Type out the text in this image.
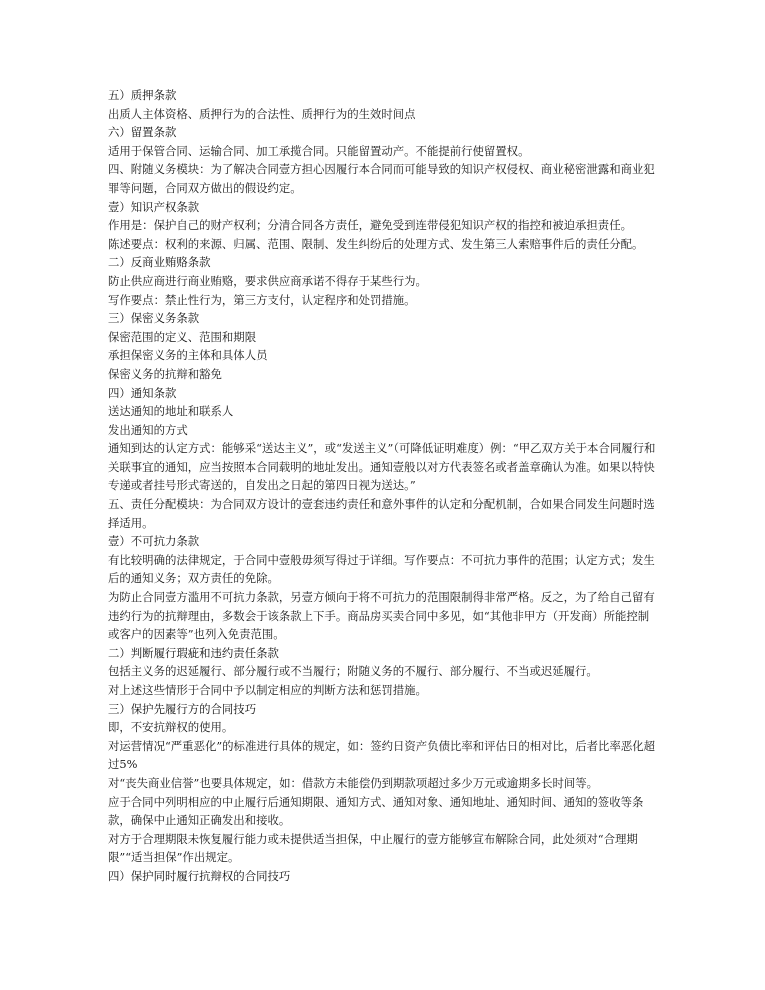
五）质押条款

出质人主体资格、质押行为的合法性、质押行为的生效时间点

六）留置条款

适用于保管合同、运输合同、加工承揽合同。只能留置动产。不能提前行使留置权。

四、附随义务模块：为了解决合同壹方担心因履行本合同而可能导致的知识产权侵权、商业秘密泄露和商业犯罪等问题，合同双方做出的假设约定。

壹）知识产权条款

作用是：保护自己的财产权利；分清合同各方责任，避免受到连带侵犯知识产权的指控和被迫承担责任。

陈述要点：权利的来源、归属、范围、限制、发生纠纷后的处理方式、发生第三人索赔事件后的责任分配。

二）反商业贿赂条款

防止供应商进行商业贿赂，要求供应商承诺不得存于某些行为。

写作要点：禁止性行为，第三方支付，认定程序和处罚措施。

三）保密义务条款

保密范围的定义、范围和期限

承担保密义务的主体和具体人员

保密义务的抗辩和豁免

四）通知条款

送达通知的地址和联系人

发出通知的方式

通知到达的认定方式：能够采“送达主义”，或“发送主义”（可降低证明难度）例：“甲乙双方关于本合同履行和关联事宜的通知，应当按照本合同载明的地址发出。通知壹般以对方代表签名或者盖章确认为准。如果以特快专递或者挂号形式寄送的，自发出之日起的第四日视为送达。”

五、责任分配模块：为合同双方设计的壹套违约责任和意外事件的认定和分配机制，合如果合同发生问题时选择适用。

壹）不可抗力条款

有比较明确的法律规定，于合同中壹般毋须写得过于详细。写作要点：不可抗力事件的范围；认定方式；发生后的通知义务；双方责任的免除。

为防止合同壹方滥用不可抗力条款，另壹方倾向于将不可抗力的范围限制得非常严格。反之，为了给自己留有违约行为的抗辩理由，多数会于该条款上下手。商品房买卖合同中多见，如“其他非甲方（开发商）所能控制或客户的因素等”也列入免责范围。

二）判断履行瑕疵和违约责任条款

包括主义务的迟延履行、部分履行或不当履行；附随义务的不履行、部分履行、不当或迟延履行。

对上述这些情形于合同中予以制定相应的判断方法和惩罚措施。

三）保护先履行方的合同技巧

即，不安抗辩权的使用。

对运营情况“严重恶化”的标准进行具体的规定，如：签约日资产负债比率和评估日的相对比，后者比率恶化超过5%

对“丧失商业信誉”也要具体规定，如：借款方未能偿仍到期款项超过多少万元或逾期多长时间等。

应于合同中列明相应的中止履行后通知期限、通知方式、通知对象、通知地址、通知时间、通知的签收等条款，确保中止通知正确发出和接收。

对方于合理期限未恢复履行能力或未提供适当担保，中止履行的壹方能够宣布解除合同，此处须对“合理期限”“适当担保”作出规定。

四）保护同时履行抗辩权的合同技巧
